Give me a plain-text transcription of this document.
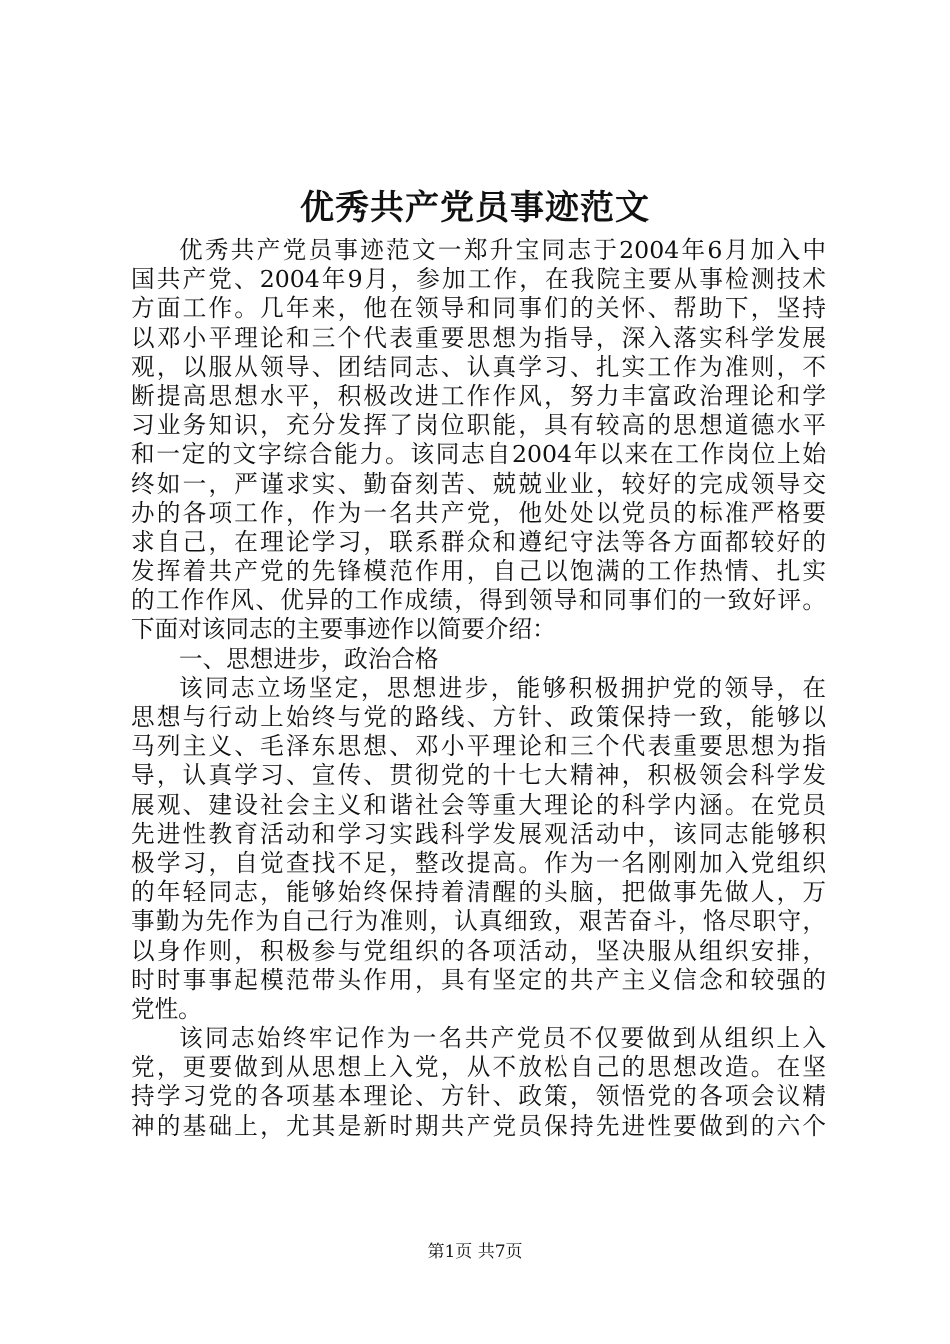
优秀共产党员事迹范文
优秀共产党员事迹范文一郑升宝同志于2004年6月加入中
国共产党、2004年9月，参加工作，在我院主要从事检测技术
方面工作。几年来，他在领导和同事们的关怀、帮助下，坚持
以邓小平理论和三个代表重要思想为指导，深入落实科学发展
观，以服从领导、团结同志、认真学习、扎实工作为准则，不
断提高思想水平，积极改进工作作风，努力丰富政治理论和学
习业务知识，充分发挥了岗位职能，具有较高的思想道德水平
和一定的文字综合能力。该同志自2004年以来在工作岗位上始
终如一，严谨求实、勤奋刻苦、兢兢业业，较好的完成领导交
办的各项工作，作为一名共产党，他处处以党员的标准严格要
求自己，在理论学习，联系群众和遵纪守法等各方面都较好的
发挥着共产党的先锋模范作用，自己以饱满的工作热情、扎实
的工作作风、优异的工作成绩，得到领导和同事们的一致好评。
下面对该同志的主要事迹作以简要介绍：
一、思想进步，政治合格
该同志立场坚定，思想进步，能够积极拥护党的领导，在
思想与行动上始终与党的路线、方针、政策保持一致，能够以
马列主义、毛泽东思想、邓小平理论和三个代表重要思想为指
导，认真学习、宣传、贯彻党的十七大精神，积极领会科学发
展观、建设社会主义和谐社会等重大理论的科学内涵。在党员
先进性教育活动和学习实践科学发展观活动中，该同志能够积
极学习，自觉查找不足，整改提高。作为一名刚刚加入党组织
的年轻同志，能够始终保持着清醒的头脑，把做事先做人，万
事勤为先作为自己行为准则，认真细致，艰苦奋斗，恪尽职守，
以身作则，积极参与党组织的各项活动，坚决服从组织安排，
时时事事起模范带头作用，具有坚定的共产主义信念和较强的
党性。
该同志始终牢记作为一名共产党员不仅要做到从组织上入
党，更要做到从思想上入党，从不放松自己的思想改造。在坚
持学习党的各项基本理论、方针、政策，领悟党的各项会议精
神的基础上，尤其是新时期共产党员保持先进性要做到的六个
第1页 共7页
